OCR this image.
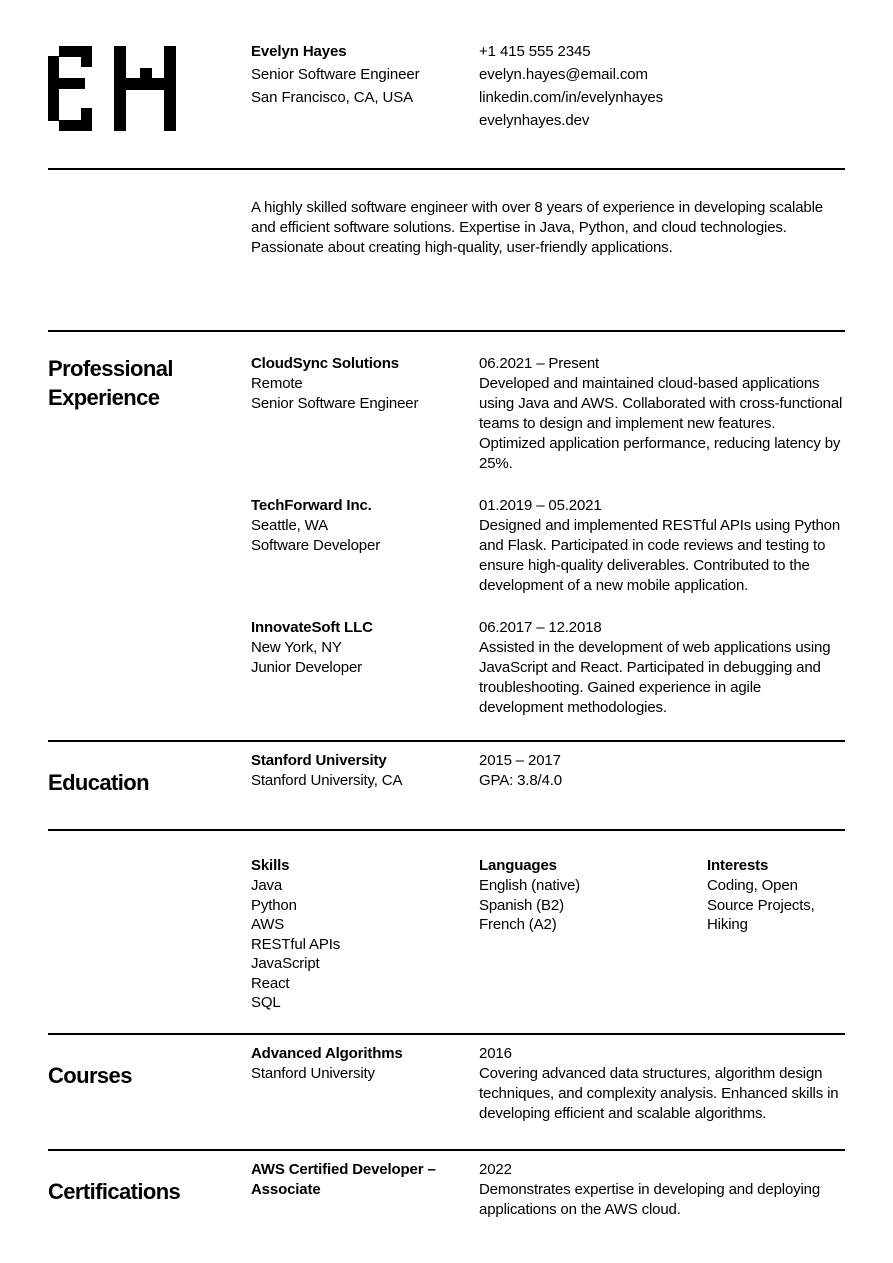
Evelyn Hayes
Senior Software Engineer
San Francisco, CA, USA
+1 415 555 2345
evelyn.hayes@email.com
linkedin.com/in/evelynhayes
evelynhayes.dev
A highly skilled software engineer with over 8 years of experience in developing scalable and efficient software solutions. Expertise in Java, Python, and cloud technologies. Passionate about creating high-quality, user-friendly applications.
Professional Experience
CloudSync Solutions
Remote
Senior Software Engineer
06.2021 – Present
Developed and maintained cloud-based applications using Java and AWS. Collaborated with cross-functional teams to design and implement new features. Optimized application performance, reducing latency by 25%.
TechForward Inc.
Seattle, WA
Software Developer
01.2019 – 05.2021
Designed and implemented RESTful APIs using Python and Flask. Participated in code reviews and testing to ensure high-quality deliverables. Contributed to the development of a new mobile application.
InnovateSoft LLC
New York, NY
Junior Developer
06.2017 – 12.2018
Assisted in the development of web applications using JavaScript and React. Participated in debugging and troubleshooting. Gained experience in agile development methodologies.
Education
Stanford University
Stanford University, CA
2015 – 2017
GPA: 3.8/4.0
Skills
Java
Python
AWS
RESTful APIs
JavaScript
React
SQL
Languages
English (native)
Spanish (B2)
French (A2)
Interests
Coding, Open
Source Projects,
Hiking
Courses
Advanced Algorithms
Stanford University
2016
Covering advanced data structures, algorithm design techniques, and complexity analysis. Enhanced skills in developing efficient and scalable algorithms.
Certifications
AWS Certified Developer – Associate
2022
Demonstrates expertise in developing and deploying applications on the AWS cloud.
